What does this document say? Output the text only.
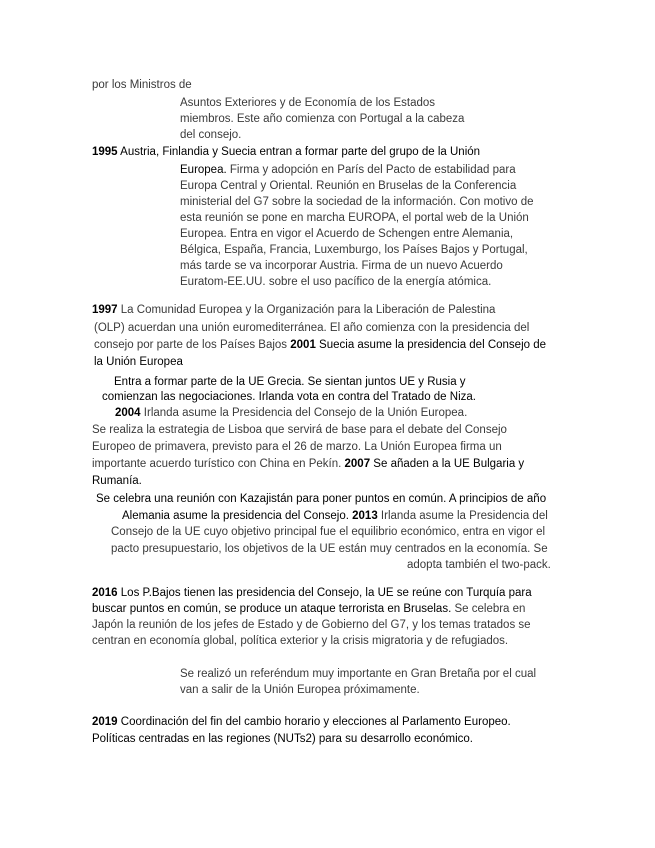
por los Ministros de
Asuntos Exteriores y de Economía de los Estados
miembros. Este año comienza con Portugal a la cabeza
del consejo.
1995 Austria, Finlandia y Suecia entran a formar parte del grupo de la Unión
Europea. Firma y adopción en París del Pacto de estabilidad para
Europa Central y Oriental. Reunión en Bruselas de la Conferencia
ministerial del G7 sobre la sociedad de la información. Con motivo de
esta reunión se pone en marcha EUROPA, el portal web de la Unión
Europea. Entra en vigor el Acuerdo de Schengen entre Alemania,
Bélgica, España, Francia, Luxemburgo, los Países Bajos y Portugal,
más tarde se va incorporar Austria. Firma de un nuevo Acuerdo
Euratom-EE.UU. sobre el uso pacífico de la energía atómica.
1997 La Comunidad Europea y la Organización para la Liberación de Palestina
(OLP) acuerdan una unión euromediterránea. El año comienza con la presidencia del
consejo por parte de los Países Bajos 2001 Suecia asume la presidencia del Consejo de
la Unión Europea
Entra a formar parte de la UE Grecia. Se sientan juntos UE y Rusia y
comienzan las negociaciones. Irlanda vota en contra del Tratado de Niza.
2004 Irlanda asume la Presidencia del Consejo de la Unión Europea.
Se realiza la estrategia de Lisboa que servirá de base para el debate del Consejo
Europeo de primavera, previsto para el 26 de marzo. La Unión Europea firma un
importante acuerdo turístico con China en Pekín. 2007 Se añaden a la UE Bulgaria y
Rumanía.
Se celebra una reunión con Kazajistán para poner puntos en común. A principios de año
Alemania asume la presidencia del Consejo. 2013 Irlanda asume la Presidencia del
Consejo de la UE cuyo objetivo principal fue el equilibrio económico, entra en vigor el
pacto presupuestario, los objetivos de la UE están muy centrados en la economía. Se
adopta también el two-pack.
2016 Los P.Bajos tienen las presidencia del Consejo, la UE se reúne con Turquía para
buscar puntos en común, se produce un ataque terrorista en Bruselas. Se celebra en
Japón la reunión de los jefes de Estado y de Gobierno del G7, y los temas tratados se
centran en economía global, política exterior y la crisis migratoria y de refugiados.
Se realizó un referéndum muy importante en Gran Bretaña por el cual
van a salir de la Unión Europea próximamente.
2019 Coordinación del fin del cambio horario y elecciones al Parlamento Europeo.
Políticas centradas en las regiones (NUTs2) para su desarrollo económico.
